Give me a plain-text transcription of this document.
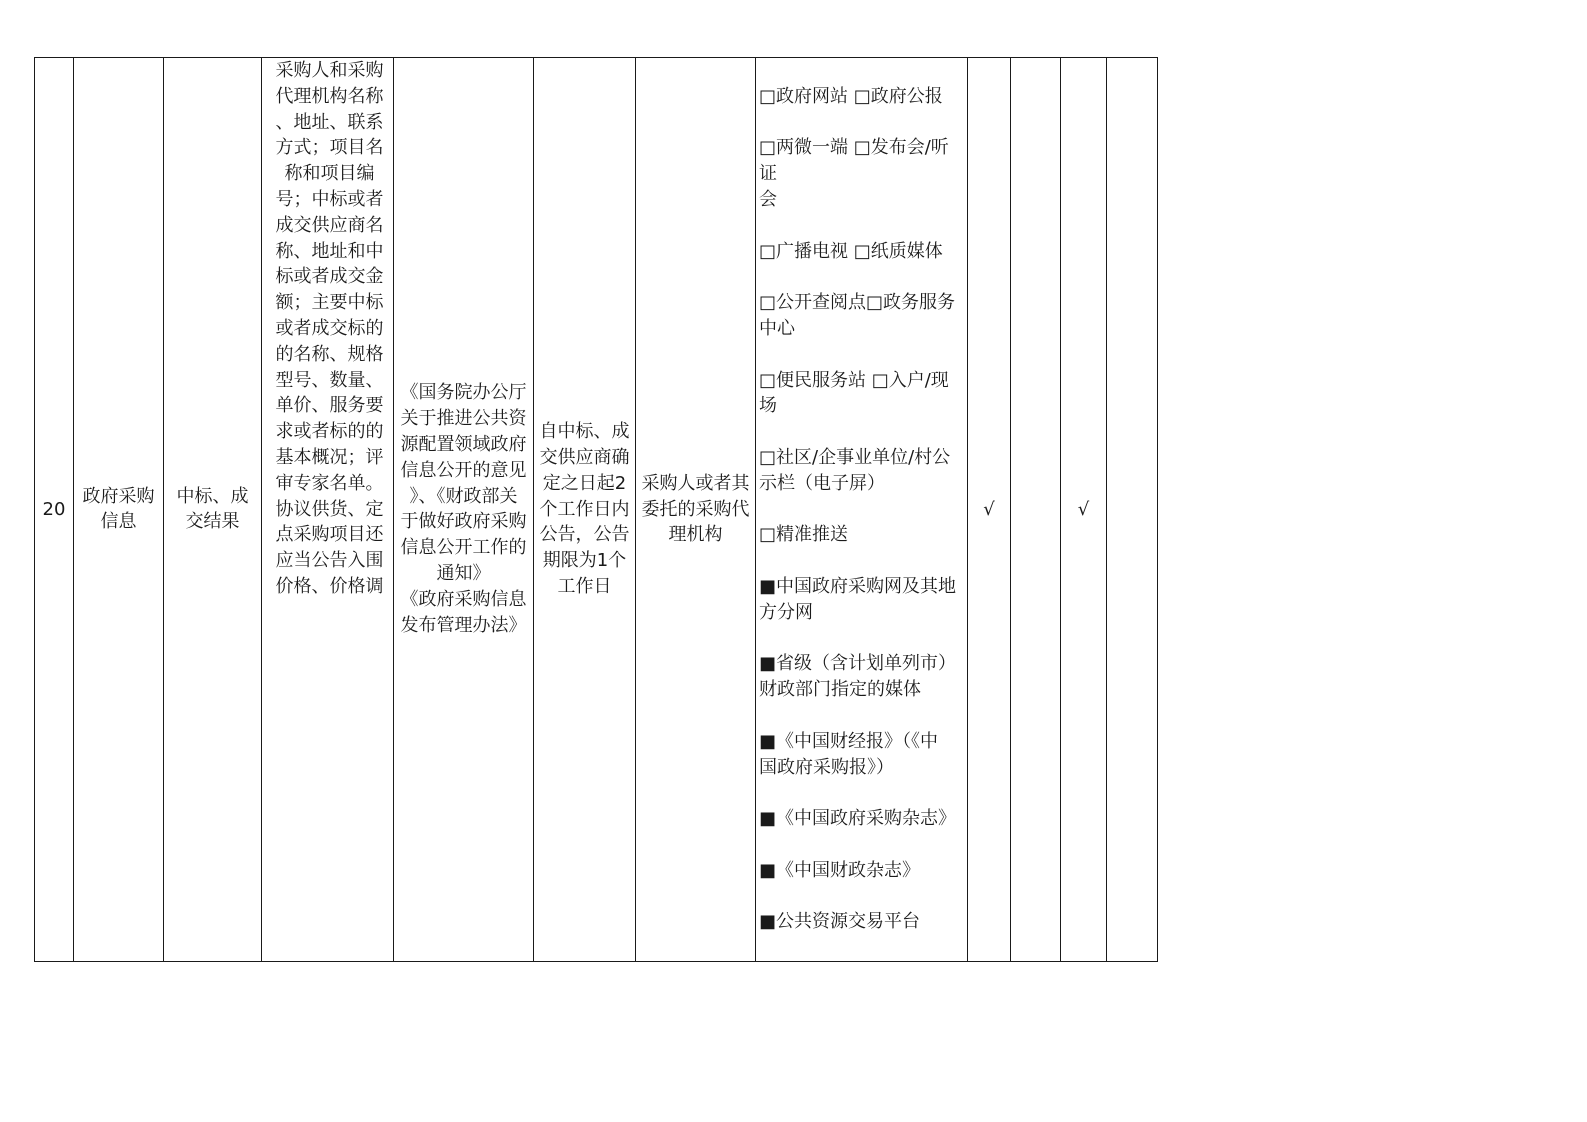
20

政府采购
信息

中标、成
交结果

采购人和采购
代理机构名称
、地址、联系
方式；项目名
称和项目编
号；中标或者
成交供应商名
称、地址和中
标或者成交金
额；主要中标
或者成交标的
的名称、规格
型号、数量、
单价、服务要
求或者标的的
基本概况；评
审专家名单。
协议供货、定
点采购项目还
应当公告入围
价格、价格调

《国务院办公厅
关于推进公共资
源配置领域政府
信息公开的意见
》、《财政部关
于做好政府采购
信息公开工作的
通知》
《政府采购信息
发布管理办法》

自中标、成
交供应商确
定之日起2
个工作日内
公告，公告
期限为1个
工作日

采购人或者其
委托的采购代
理机构

□政府网站 □政府公报

□两微一端 □发布会/听证
会

□广播电视 □纸质媒体

□公开查阅点□政务服务
中心

□便民服务站 □入户/现场

□社区/企事业单位/村公
示栏（电子屏）

□精准推送

■中国政府采购网及其地
方分网

■省级（含计划单列市）
财政部门指定的媒体

■《中国财经报》（《中
国政府采购报》）

■《中国政府采购杂志》

■《中国财政杂志》

■公共资源交易平台

	√		√	
